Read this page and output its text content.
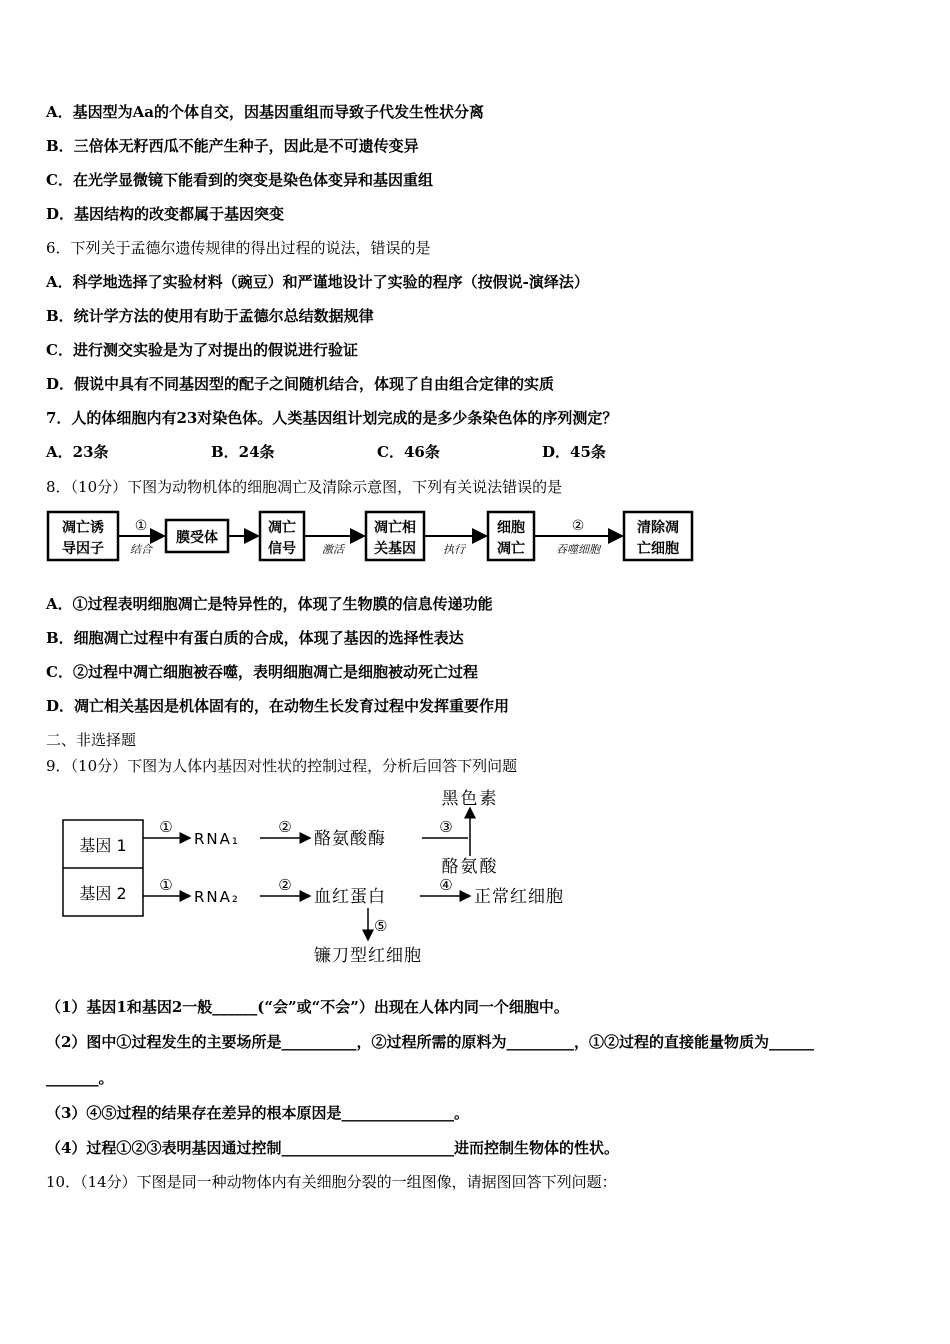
A．基因型为Aa的个体自交，因基因重组而导致子代发生性状分离
B．三倍体无籽西瓜不能产生种子，因此是不可遗传变异
C．在光学显微镜下能看到的突变是染色体变异和基因重组
D．基因结构的改变都属于基因突变
6．下列关于孟德尔遗传规律的得出过程的说法，错误的是
A．科学地选择了实验材料（豌豆）和严谨地设计了实验的程序（按假说-演绎法）
B．统计学方法的使用有助于孟德尔总结数据规律
C．进行测交实验是为了对提出的假说进行验证
D．假说中具有不同基因型的配子之间随机结合，体现了自由组合定律的实质
7．人的体细胞内有23对染色体。人类基因组计划完成的是多少条染色体的序列测定？
A．23条	B．24条	C．46条	D．45条
8．（10分）下图为动物机体的细胞凋亡及清除示意图，下列有关说法错误的是
凋亡诱
导因子
①
结合
膜受体
凋亡
信号 激活
凋亡相
关基因 执行
细胞
凋亡
②
吞噬细胞
清除凋
亡细胞
A．①过程表明细胞凋亡是特异性的，体现了生物膜的信息传递功能
B．细胞凋亡过程中有蛋白质的合成，体现了基因的选择性表达
C．②过程中凋亡细胞被吞噬，表明细胞凋亡是细胞被动死亡过程
D．凋亡相关基因是机体固有的，在动物生长发育过程中发挥重要作用
二、非选择题
9．（10分）下图为人体内基因对性状的控制过程，分析后回答下列问题
基因 1
基因 2
①
RNA₁
②
酪氨酸酶
③
黑色素
酪氨酸
①
RNA₂
②
血红蛋白
④
正常红细胞
⑤
镰刀型红细胞
（1）基因1和基因2一般______(“会”或“不会”）出现在人体内同一个细胞中。
（2）图中①过程发生的主要场所是__________，②过程所需的原料为_________，①②过程的直接能量物质为______
_______。
（3）④⑤过程的结果存在差异的根本原因是_______________。
（4）过程①②③表明基因通过控制_______________________进而控制生物体的性状。
10．（14分）下图是同一种动物体内有关细胞分裂的一组图像，请据图回答下列问题：
